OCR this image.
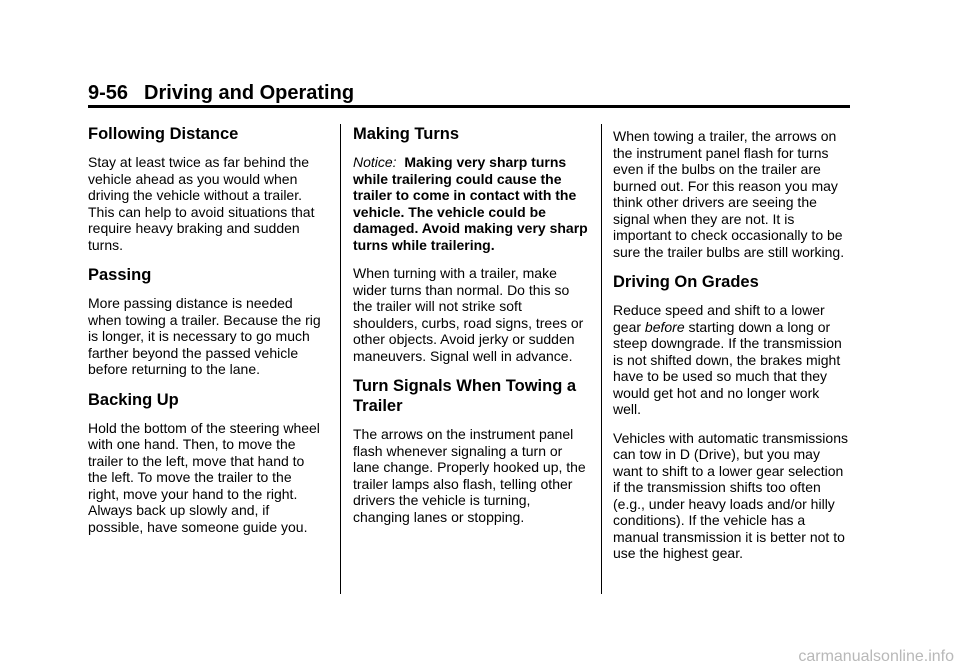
9-56 Driving and Operating
Following Distance

Stay at least twice as far behind the vehicle ahead as you would when driving the vehicle without a trailer. This can help to avoid situations that require heavy braking and sudden turns.

Passing

More passing distance is needed when towing a trailer. Because the rig is longer, it is necessary to go much farther beyond the passed vehicle before returning to the lane.

Backing Up

Hold the bottom of the steering wheel with one hand. Then, to move the trailer to the left, move that hand to the left. To move the trailer to the right, move your hand to the right. Always back up slowly and, if possible, have someone guide you.

Making Turns

Notice: Making very sharp turns while trailering could cause the trailer to come in contact with the vehicle. The vehicle could be damaged. Avoid making very sharp turns while trailering.

When turning with a trailer, make wider turns than normal. Do this so the trailer will not strike soft shoulders, curbs, road signs, trees or other objects. Avoid jerky or sudden maneuvers. Signal well in advance.

Turn Signals When Towing a Trailer

The arrows on the instrument panel flash whenever signaling a turn or lane change. Properly hooked up, the trailer lamps also flash, telling other drivers the vehicle is turning, changing lanes or stopping.

When towing a trailer, the arrows on the instrument panel flash for turns even if the bulbs on the trailer are burned out. For this reason you may think other drivers are seeing the signal when they are not. It is important to check occasionally to be sure the trailer bulbs are still working.

Driving On Grades

Reduce speed and shift to a lower gear before starting down a long or steep downgrade. If the transmission is not shifted down, the brakes might have to be used so much that they would get hot and no longer work well.

Vehicles with automatic transmissions can tow in D (Drive), but you may want to shift to a lower gear selection if the transmission shifts too often (e.g., under heavy loads and/or hilly conditions). If the vehicle has a manual transmission it is better not to use the highest gear.

carmanualsonline.info
